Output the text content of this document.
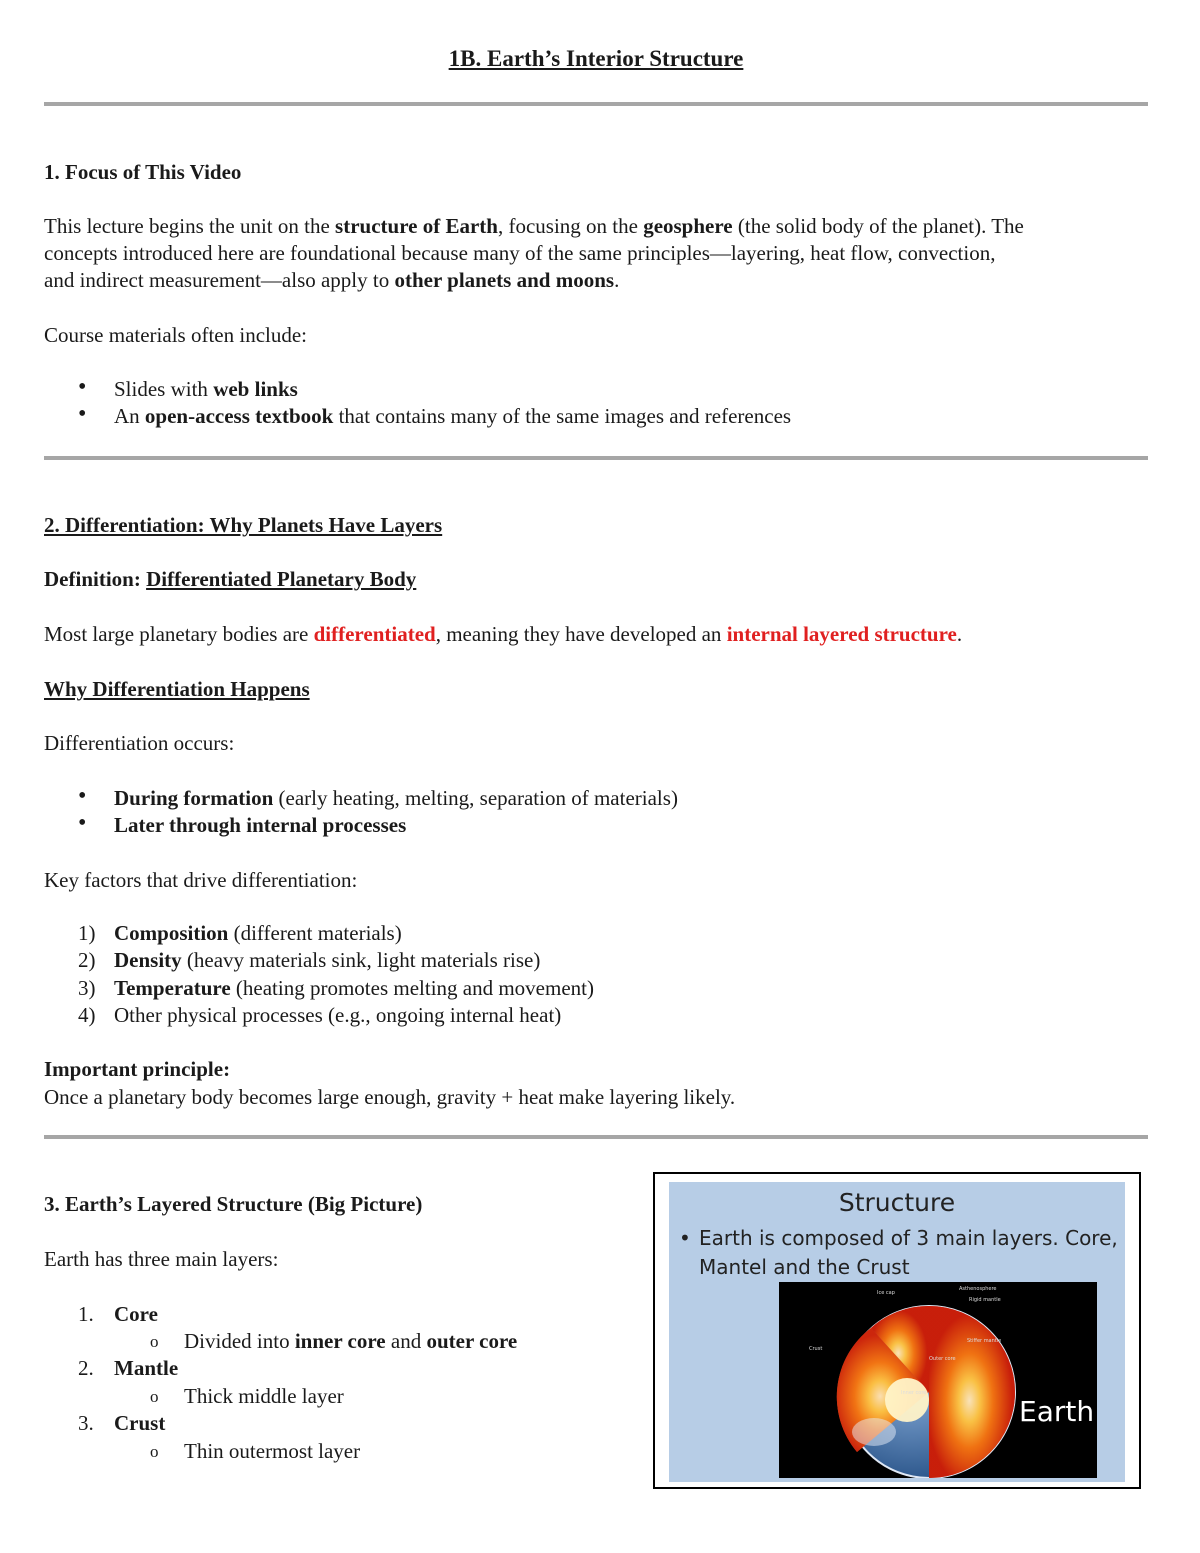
1B. Earth’s Interior Structure
1. Focus of This Video
This lecture begins the unit on the structure of Earth, focusing on the geosphere (the solid body of the planet). The
concepts introduced here are foundational because many of the same principles—layering, heat flow, convection,
and indirect measurement—also apply to other planets and moons.
Course materials often include:
•
Slides with web links
•
An open-access textbook that contains many of the same images and references
2. Differentiation: Why Planets Have Layers
Definition: Differentiated Planetary Body
Most large planetary bodies are differentiated, meaning they have developed an internal layered structure.
Why Differentiation Happens
Differentiation occurs:
•
During formation (early heating, melting, separation of materials)
•
Later through internal processes
Key factors that drive differentiation:
1) Composition (different materials)
2) Density (heavy materials sink, light materials rise)
3) Temperature (heating promotes melting and movement)
4) Other physical processes (e.g., ongoing internal heat)
Important principle:
Once a planetary body becomes large enough, gravity + heat make layering likely.
3. Earth’s Layered Structure (Big Picture)
Earth has three main layers:
1. Core
o Divided into inner core and outer core
2. Mantle
o Thick middle layer
3. Crust
o Thin outermost layer
Structure
• Earth is composed of 3 main layers. Core, Mantel and the Crust
Ice cap
Asthenosphere
Rigid mantle
Crust
Stiffer mantle
Outer core
Inner core
Earth
